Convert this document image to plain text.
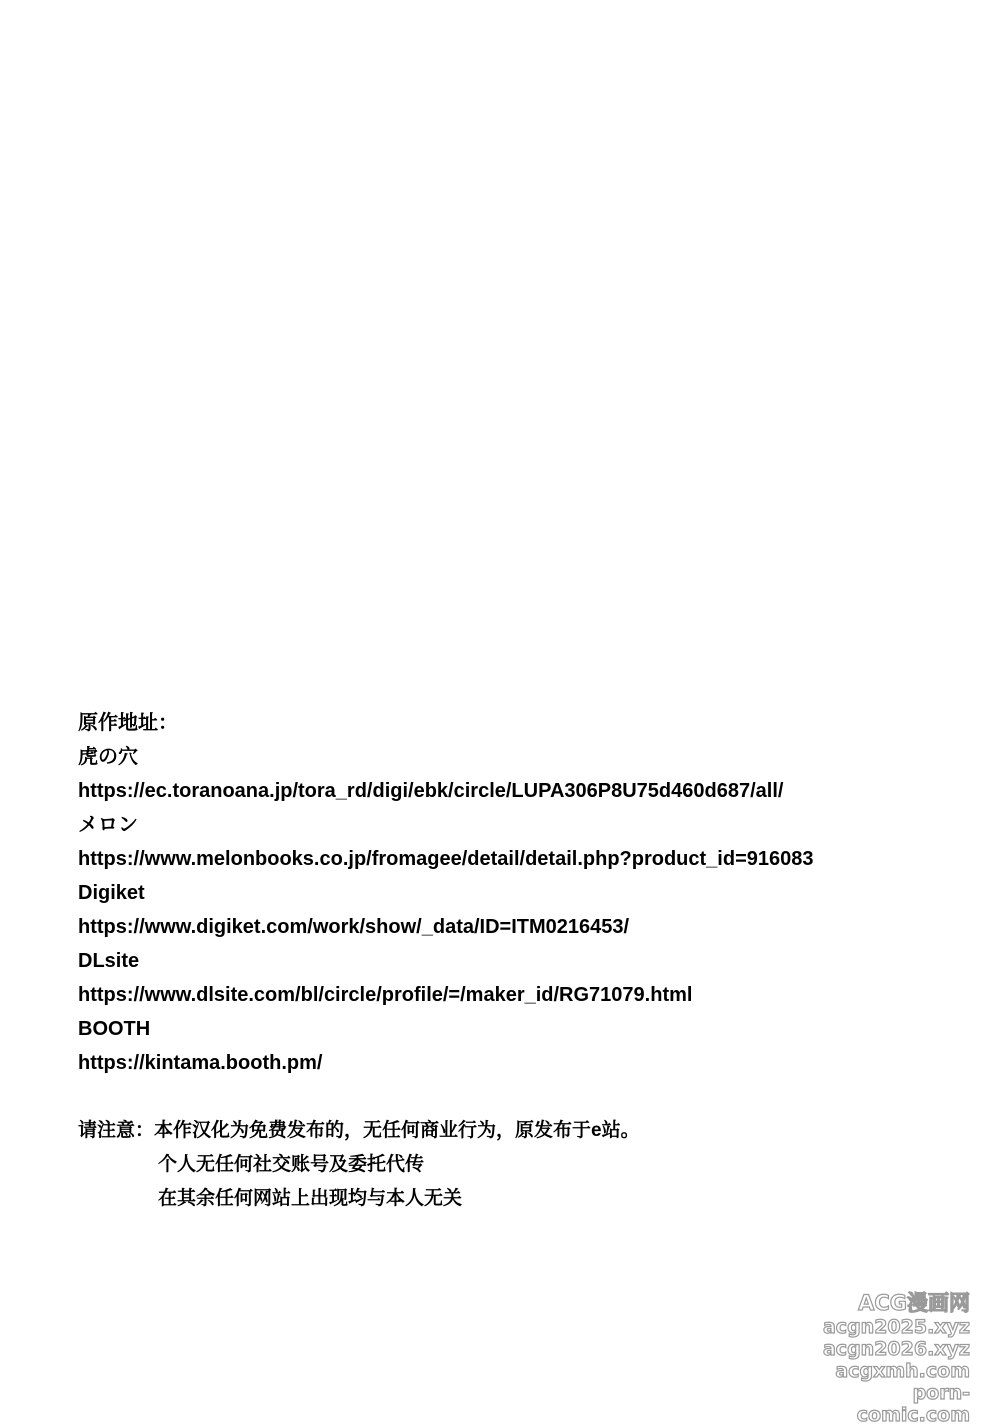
原作地址：
虎の穴
https://ec.toranoana.jp/tora_rd/digi/ebk/circle/LUPA306P8U75d460d687/all/
メロン
https://www.melonbooks.co.jp/fromagee/detail/detail.php?product_id=916083
Digiket
https://www.digiket.com/work/show/_data/ID=ITM0216453/
DLsite
https://www.dlsite.com/bl/circle/profile/=/maker_id/RG71079.html
BOOTH
https://kintama.booth.pm/
请注意：本作汉化为免费发布的，无任何商业行为，原发布于e站。
个人无任何社交账号及委托代传
在其余任何网站上出现均与本人无关
ACG漫画网
acgn2025.xyz
acgn2026.xyz
acgxmh.com
porn-comic.com
